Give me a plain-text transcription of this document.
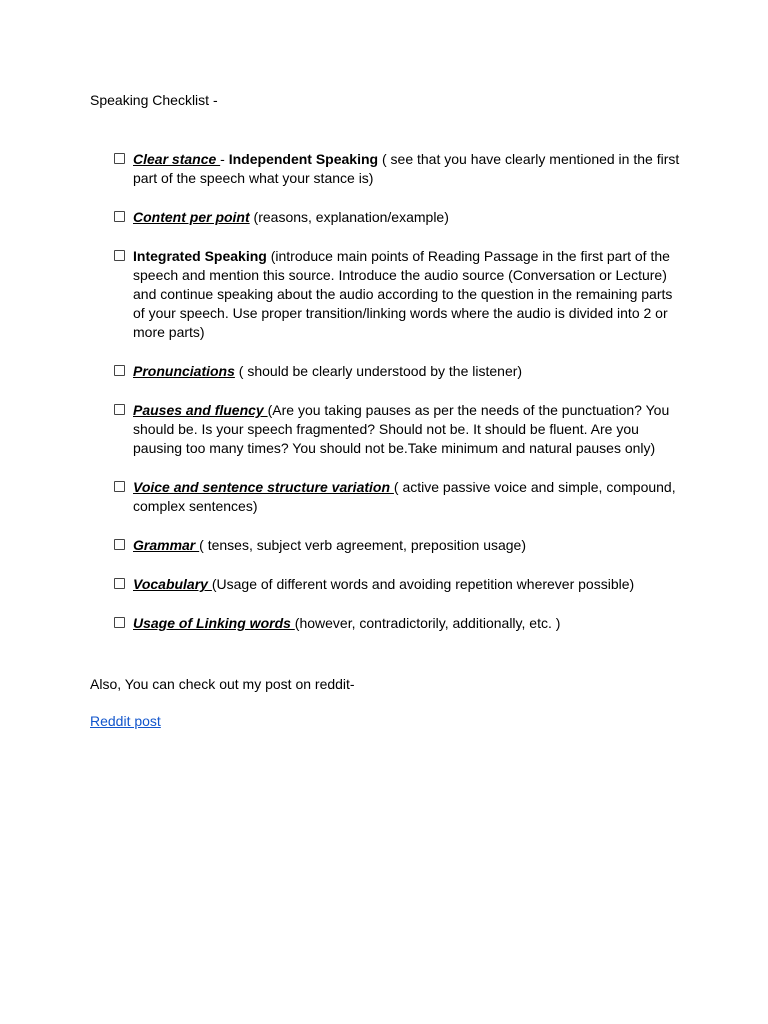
Speaking Checklist -

Clear stance - Independent Speaking ( see that you have clearly mentioned in the first part of the speech what your stance is)
Content per point (reasons, explanation/example)
Integrated Speaking (introduce main points of Reading Passage in the first part of the speech and mention this source. Introduce the audio source (Conversation or Lecture) and continue speaking about the audio according to the question in the remaining parts of your speech. Use proper transition/linking words where the audio is divided into 2 or more parts)
Pronunciations ( should be clearly understood by the listener)
Pauses and fluency (Are you taking pauses as per the needs of the punctuation? You should be. Is your speech fragmented? Should not be. It should be fluent. Are you pausing too many times? You should not be.Take minimum and natural pauses only)
Voice and sentence structure variation ( active passive voice and simple, compound, complex sentences)
Grammar ( tenses, subject verb agreement, preposition usage)
Vocabulary (Usage of different words and avoiding repetition wherever possible)
Usage of Linking words (however, contradictorily, additionally, etc. )

Also, You can check out my post on reddit-

Reddit post
